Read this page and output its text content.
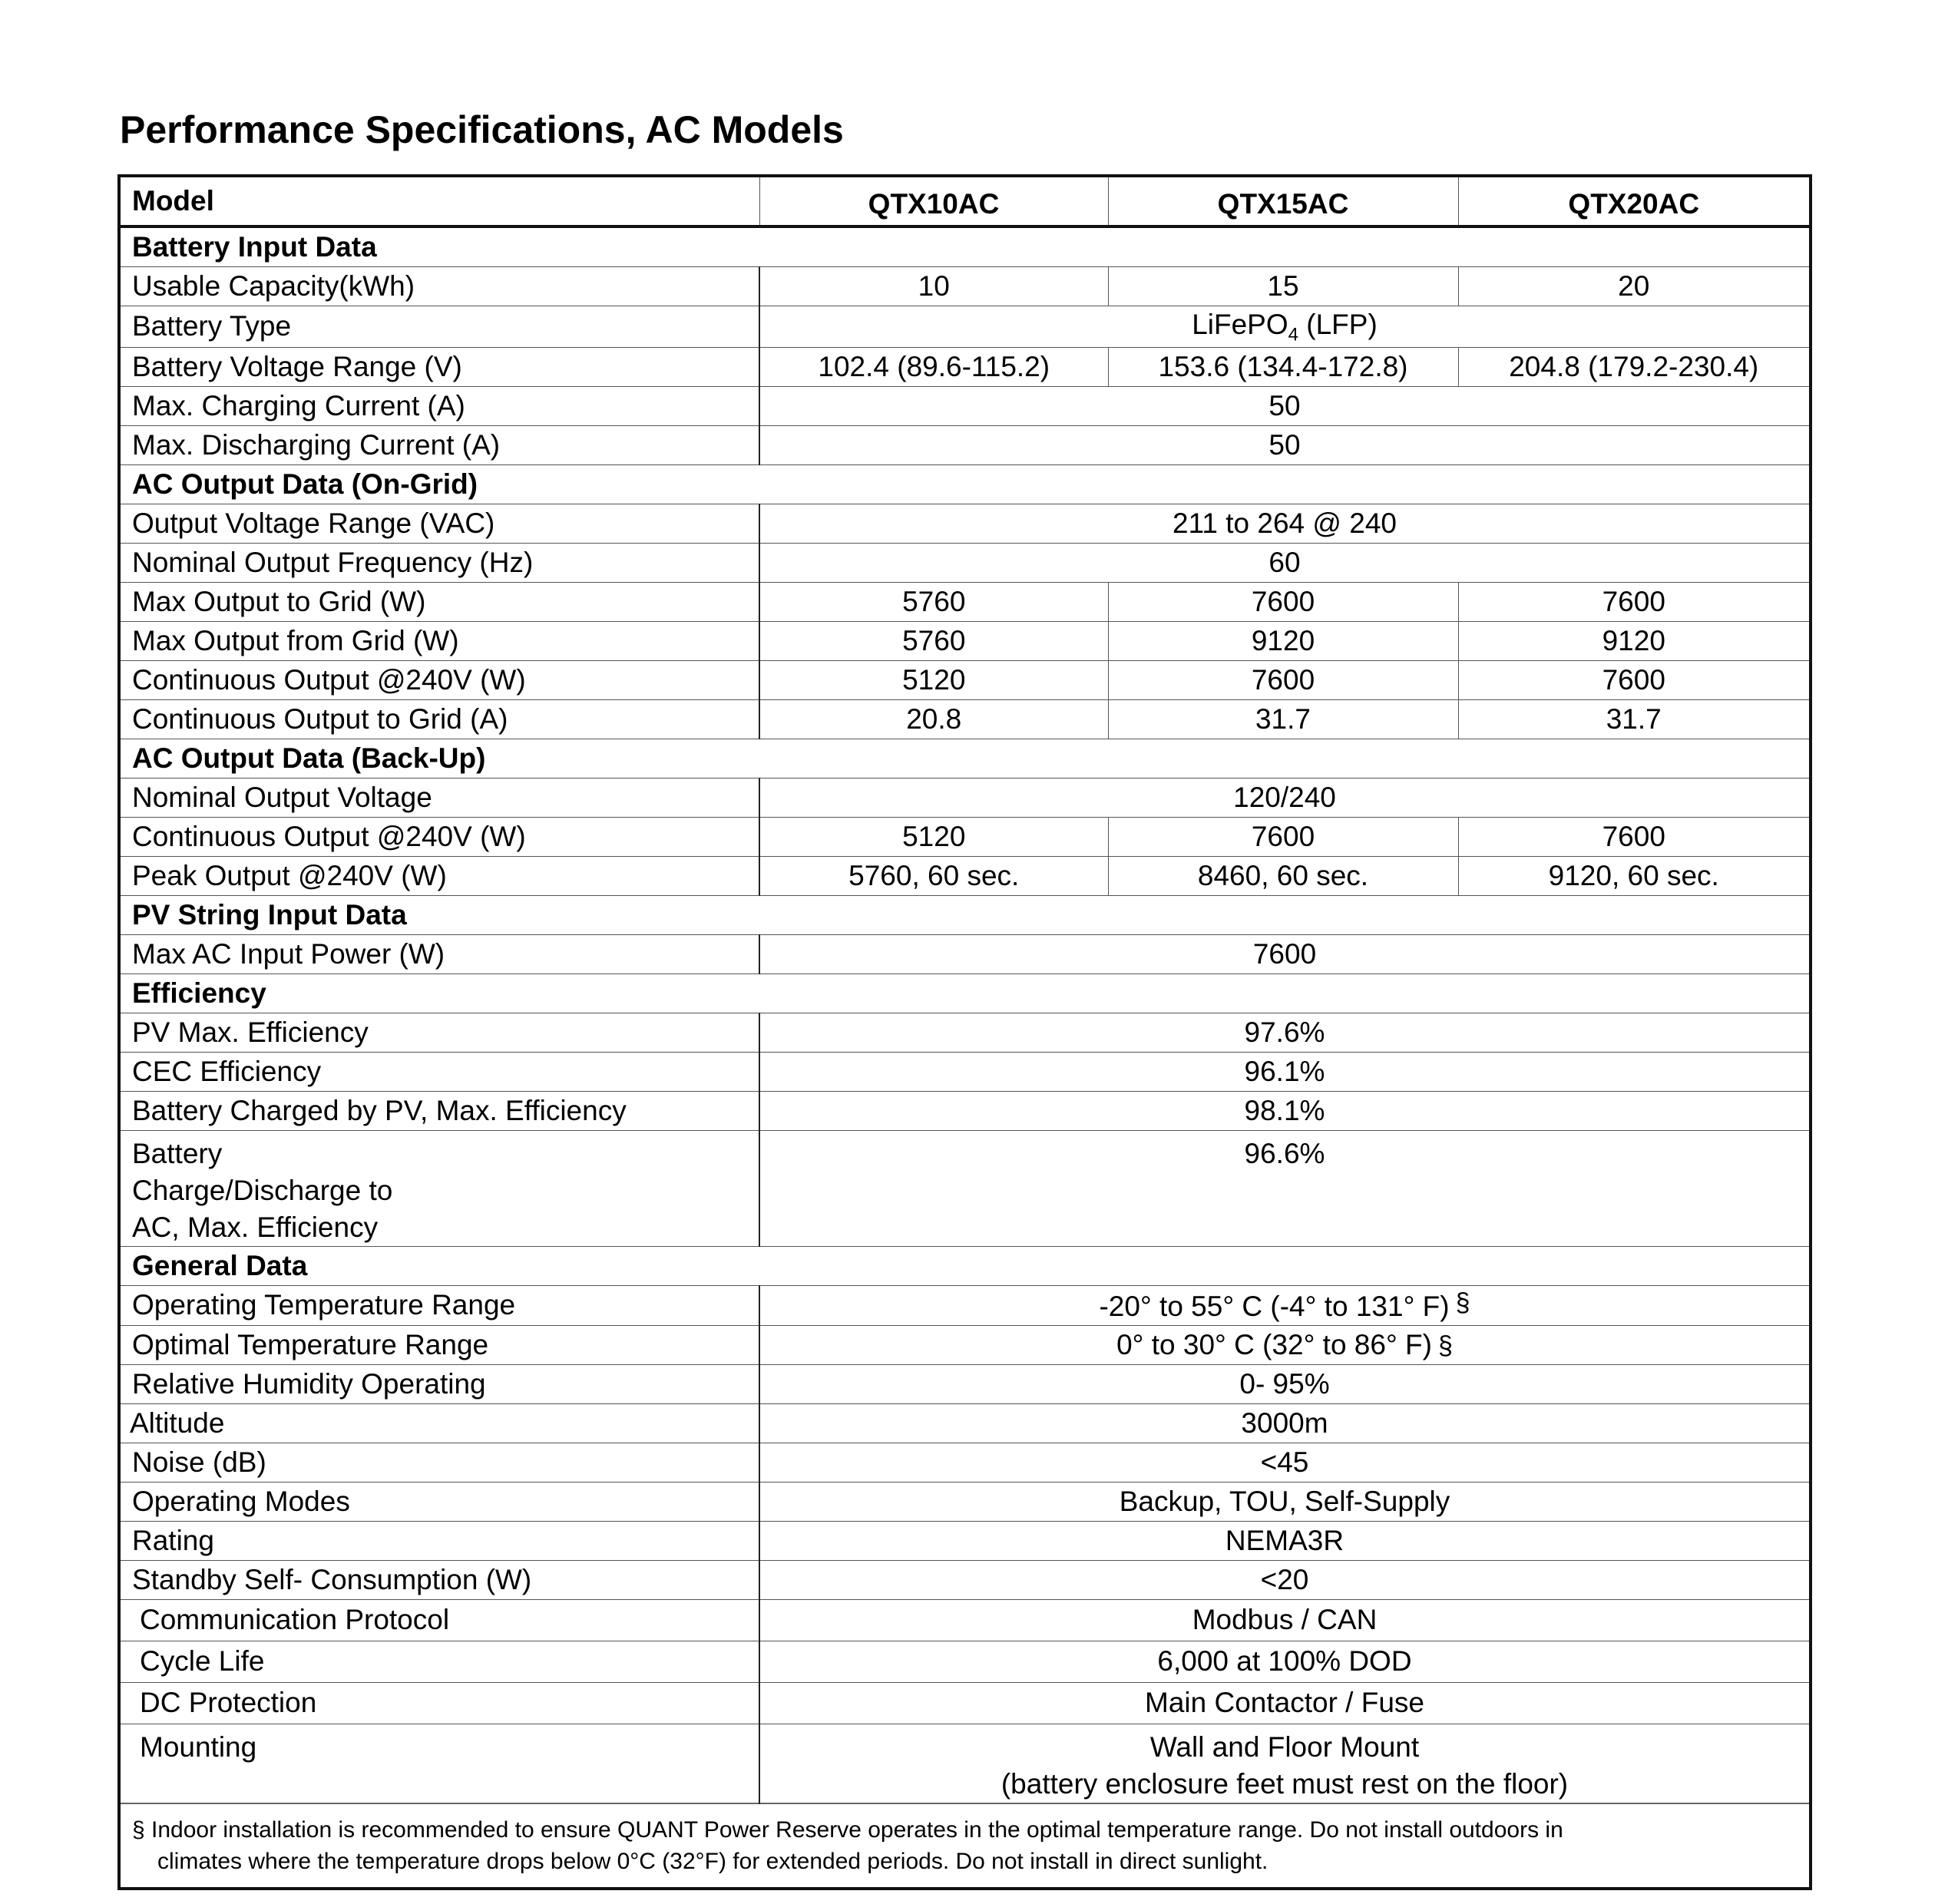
Performance Specifications, AC Models
Model	QTX10AC	QTX15AC	QTX20AC
Battery Input Data			
Usable Capacity(kWh)	10	15	20
Battery Type	LiFePO$_4$ (LFP)		
Battery Voltage Range (V)	102.4 (89.6-115.2)	153.6 (134.4-172.8)	204.8 (179.2-230.4)
Max. Charging Current (A)	50		
Max. Discharging Current (A)	50		
AC Output Data (On-Grid)			
Output Voltage Range (VAC)	211 to 264 @ 240		
Nominal Output Frequency (Hz)	60		
Max Output to Grid (W)	5760	7600	7600
Max Output from Grid (W)	5760	9120	9120
Continuous Output @240V (W)	5120	7600	7600
Continuous Output to Grid (A)	20.8	31.7	31.7
AC Output Data (Back-Up)			
Nominal Output Voltage	120/240		
Continuous Output @240V (W)	5120	7600	7600
Peak Output @240V (W)	5760, 60 sec.	8460, 60 sec.	9120, 60 sec.
PV String Input Data			
Max AC Input Power (W)	7600		
Efficiency			
PV Max. Efficiency	97.6%		
CEC Efficiency	96.1%		
Battery Charged by PV, Max. Efficiency	98.1%		
Battery Charge/Discharge to AC, Max. Efficiency	96.6%		
General Data			
Operating Temperature Range	-20° to 55° C (-4° to 131° F) §		
Optimal Temperature Range	0° to 30° C (32° to 86° F) §		
Relative Humidity Operating	0- 95%		
Altitude	3000m		
Noise (dB)	<45		
Operating Modes	Backup, TOU, Self-Supply		
Rating	NEMA3R		
Standby Self- Consumption (W)	<20		
Communication Protocol	Modbus / CAN		
Cycle Life	6,000 at 100% DOD		
DC Protection	Main Contactor / Fuse		
Mounting	Wall and Floor Mount
(battery enclosure feet must rest on the floor)		

§ Indoor installation is recommended to ensure QUANT Power Reserve operates in the optimal temperature range. Do not install outdoors in
climates where the temperature drops below 0°C (32°F) for extended periods. Do not install in direct sunlight.			
